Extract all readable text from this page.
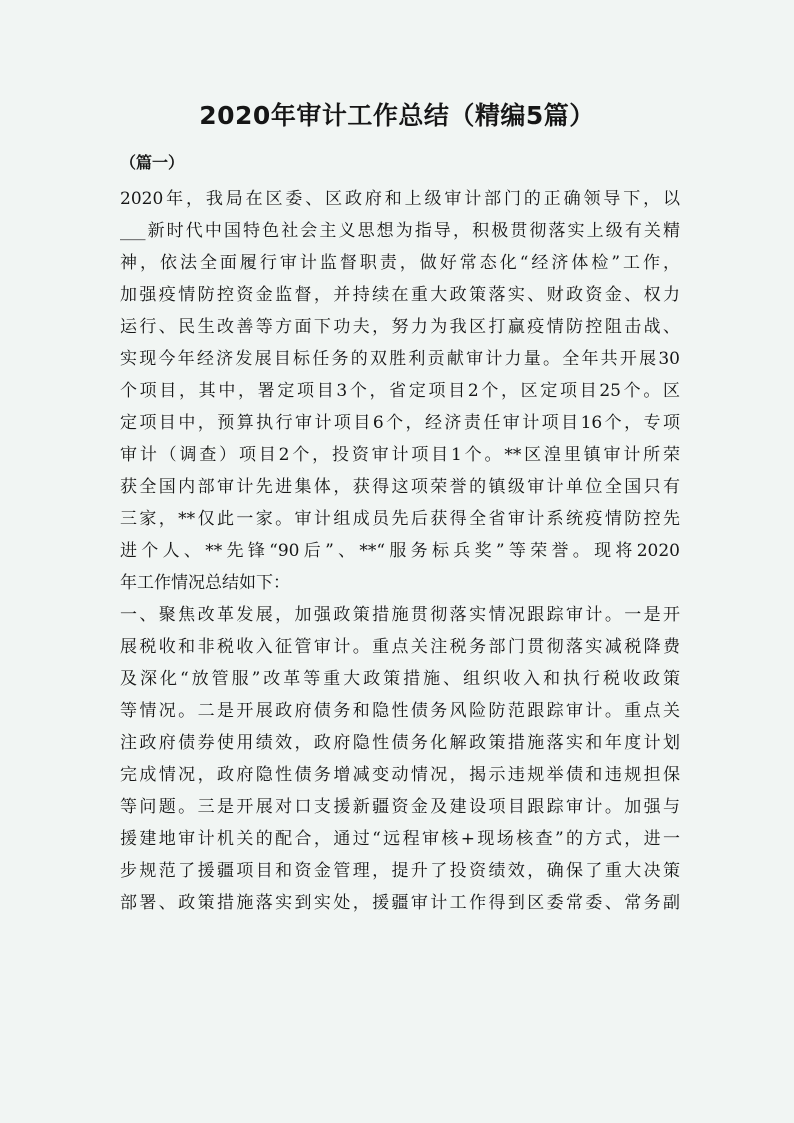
2020年审计工作总结（精编5篇）
（篇一）
2020年，我局在区委、区政府和上级审计部门的正确领导下，以
___新时代中国特色社会主义思想为指导，积极贯彻落实上级有关精
神，依法全面履行审计监督职责，做好常态化“经济体检”工作，
加强疫情防控资金监督，并持续在重大政策落实、财政资金、权力
运行、民生改善等方面下功夫，努力为我区打赢疫情防控阻击战、
实现今年经济发展目标任务的双胜利贡献审计力量。全年共开展30
个项目，其中，署定项目3个，省定项目2个，区定项目25个。区
定项目中，预算执行审计项目6个，经济责任审计项目16个，专项
审计（调查）项目2个，投资审计项目1个。**区湟里镇审计所荣
获全国内部审计先进集体，获得这项荣誉的镇级审计单位全国只有
三家，**仅此一家。审计组成员先后获得全省审计系统疫情防控先
进个人、**先锋“90后”、**“服务标兵奖”等荣誉。现将2020
年工作情况总结如下：
一、聚焦改革发展，加强政策措施贯彻落实情况跟踪审计。一是开
展税收和非税收入征管审计。重点关注税务部门贯彻落实减税降费
及深化“放管服”改革等重大政策措施、组织收入和执行税收政策
等情况。二是开展政府债务和隐性债务风险防范跟踪审计。重点关
注政府债券使用绩效，政府隐性债务化解政策措施落实和年度计划
完成情况，政府隐性债务增减变动情况，揭示违规举债和违规担保
等问题。三是开展对口支援新疆资金及建设项目跟踪审计。加强与
援建地审计机关的配合，通过“远程审核+现场核查”的方式，进一
步规范了援疆项目和资金管理，提升了投资绩效，确保了重大决策
部署、政策措施落实到实处，援疆审计工作得到区委常委、常务副
